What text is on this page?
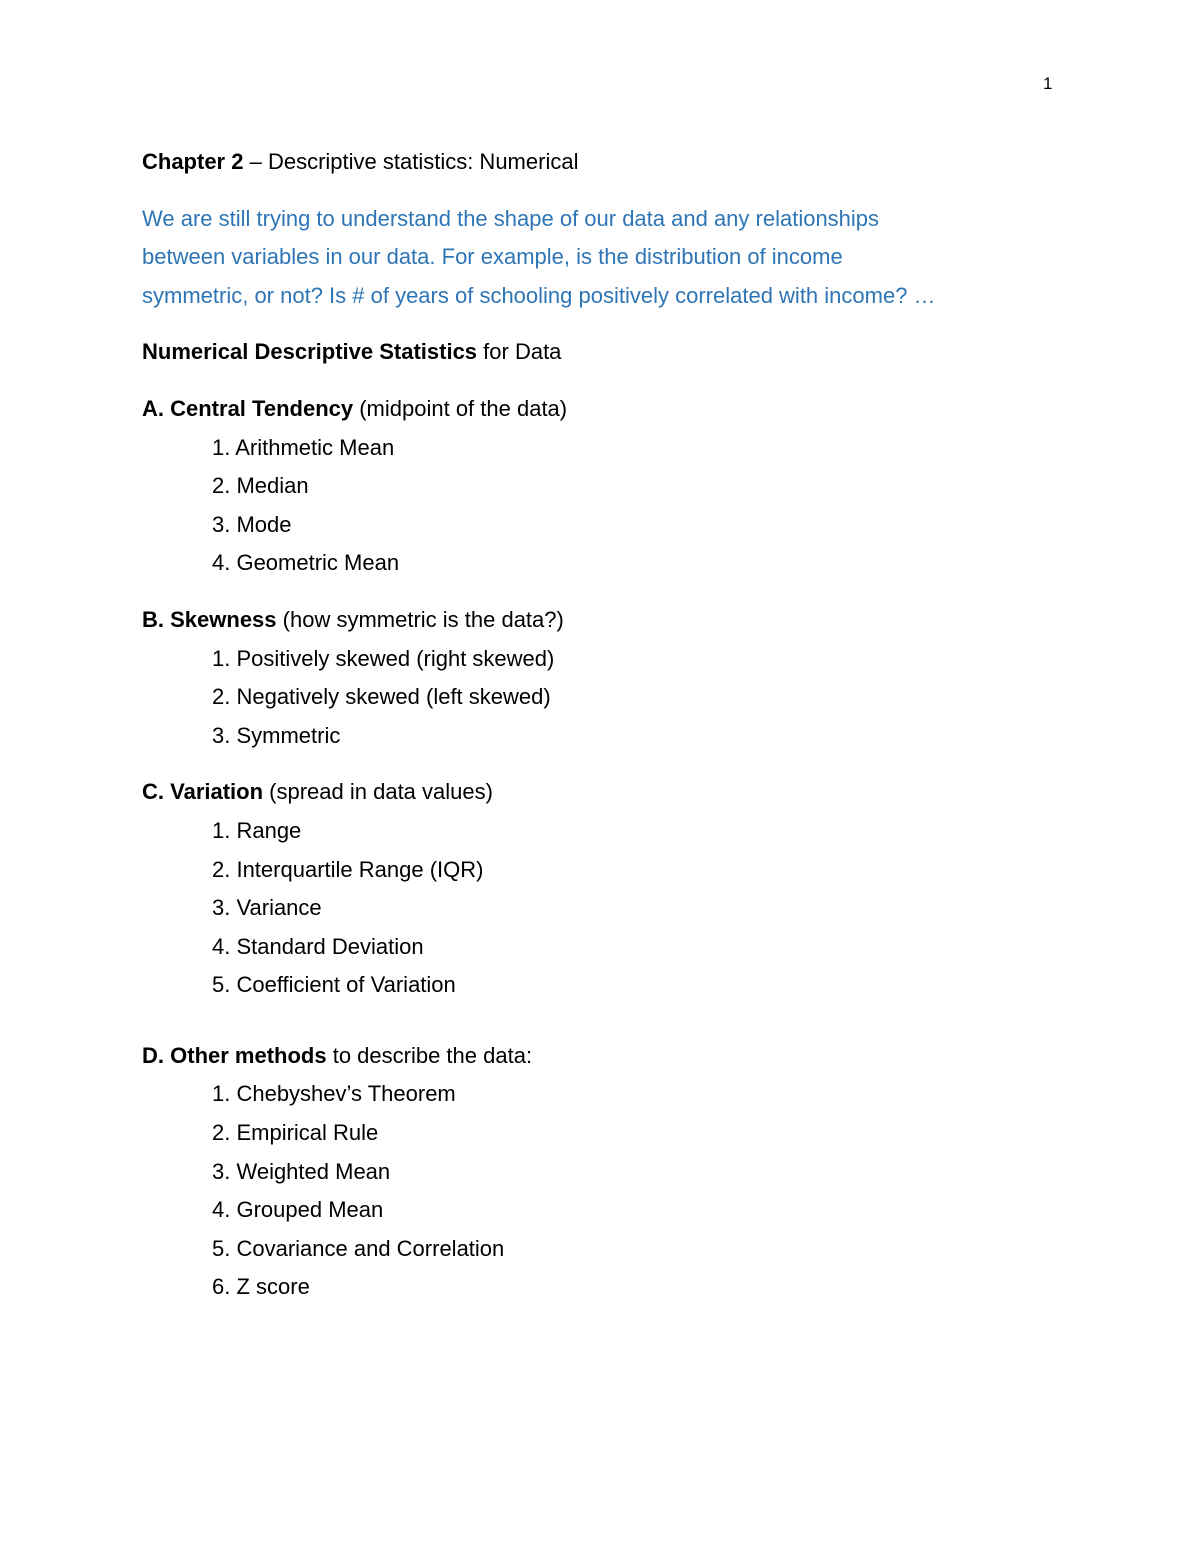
1

Chapter 2 – Descriptive statistics: Numerical

We are still trying to understand the shape of our data and any relationships
between variables in our data. For example, is the distribution of income
symmetric, or not? Is # of years of schooling positively correlated with income? …

Numerical Descriptive Statistics for Data

A. Central Tendency (midpoint of the data)

1. Arithmetic Mean
2. Median
3. Mode
4. Geometric Mean

B. Skewness (how symmetric is the data?)

1. Positively skewed (right skewed)
2. Negatively skewed (left skewed)
3. Symmetric

C. Variation (spread in data values)

1. Range
2. Interquartile Range (IQR)
3. Variance
4. Standard Deviation
5. Coefficient of Variation

D. Other methods to describe the data:

1. Chebyshev’s Theorem
2. Empirical Rule
3. Weighted Mean
4. Grouped Mean
5. Covariance and Correlation
6. Z score
